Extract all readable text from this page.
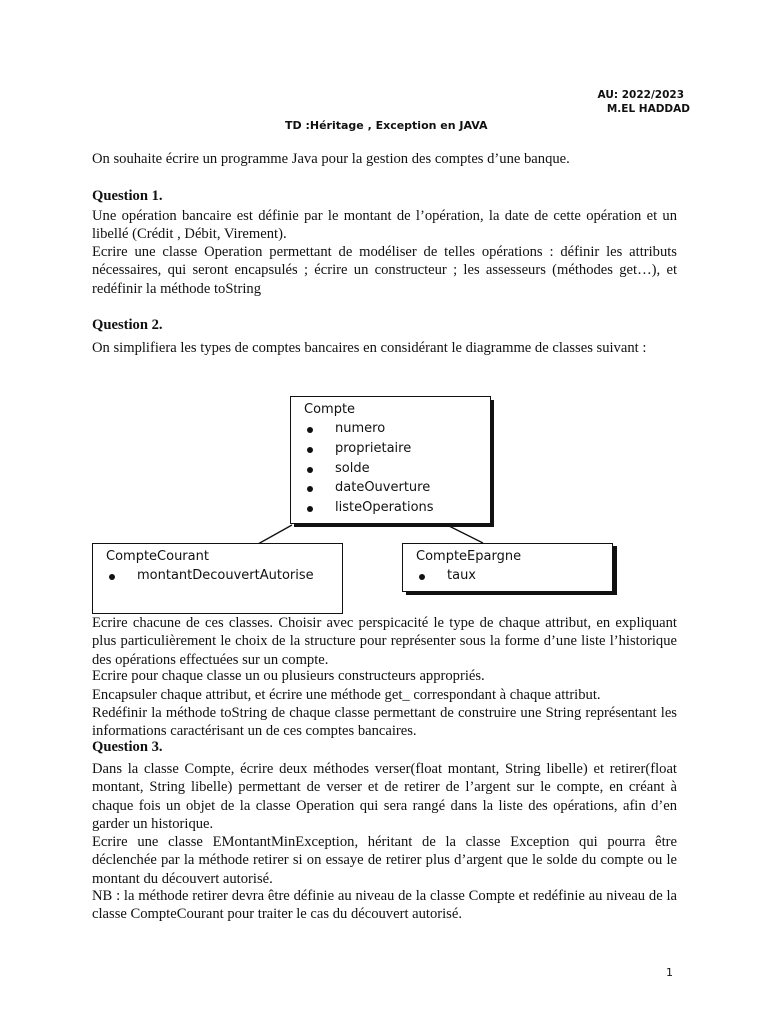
AU: 2022/2023
M.EL HADDAD
TD :Héritage , Exception en JAVA
On souhaite écrire un programme Java pour la gestion des comptes d’une banque.
Question 1.
Une opération bancaire est définie par le montant de l’opération, la date de cette opération et un libellé (Crédit , Débit, Virement).
Ecrire une classe Operation permettant de modéliser de telles opérations : définir les attributs nécessaires, qui seront encapsulés ; écrire un constructeur ; les assesseurs (méthodes get…), et redéfinir la méthode toString
Question 2.
On simplifiera les types de comptes bancaires en considérant le diagramme de classes suivant :
Compte
numero
proprietaire
solde
dateOuverture
listeOperations
CompteCourant
montantDecouvertAutorise
CompteEpargne
taux
Ecrire chacune de ces classes. Choisir avec perspicacité le type de chaque attribut, en expliquant plus particulièrement le choix de la structure pour représenter sous la forme d’une liste l’historique des opérations effectuées sur un compte.
Ecrire pour chaque classe un ou plusieurs constructeurs appropriés.
Encapsuler chaque attribut, et écrire une méthode get_ correspondant à chaque attribut.
Redéfinir la méthode toString de chaque classe permettant de construire une String représentant les informations caractérisant un de ces comptes bancaires.
Question 3.
Dans la classe Compte, écrire deux méthodes verser(float montant, String libelle) et retirer(float montant, String libelle) permettant de verser et de retirer de l’argent sur le compte, en créant à chaque fois un objet de la classe Operation qui sera rangé dans la liste des opérations, afin d’en garder un historique.
Ecrire une classe EMontantMinException, héritant de la classe Exception qui pourra être déclenchée par la méthode retirer si on essaye de retirer plus d’argent que le solde du compte ou le montant du découvert autorisé.
NB : la méthode retirer devra être définie au niveau de la classe Compte et redéfinie au niveau de la classe CompteCourant pour traiter le cas du découvert autorisé.
1
